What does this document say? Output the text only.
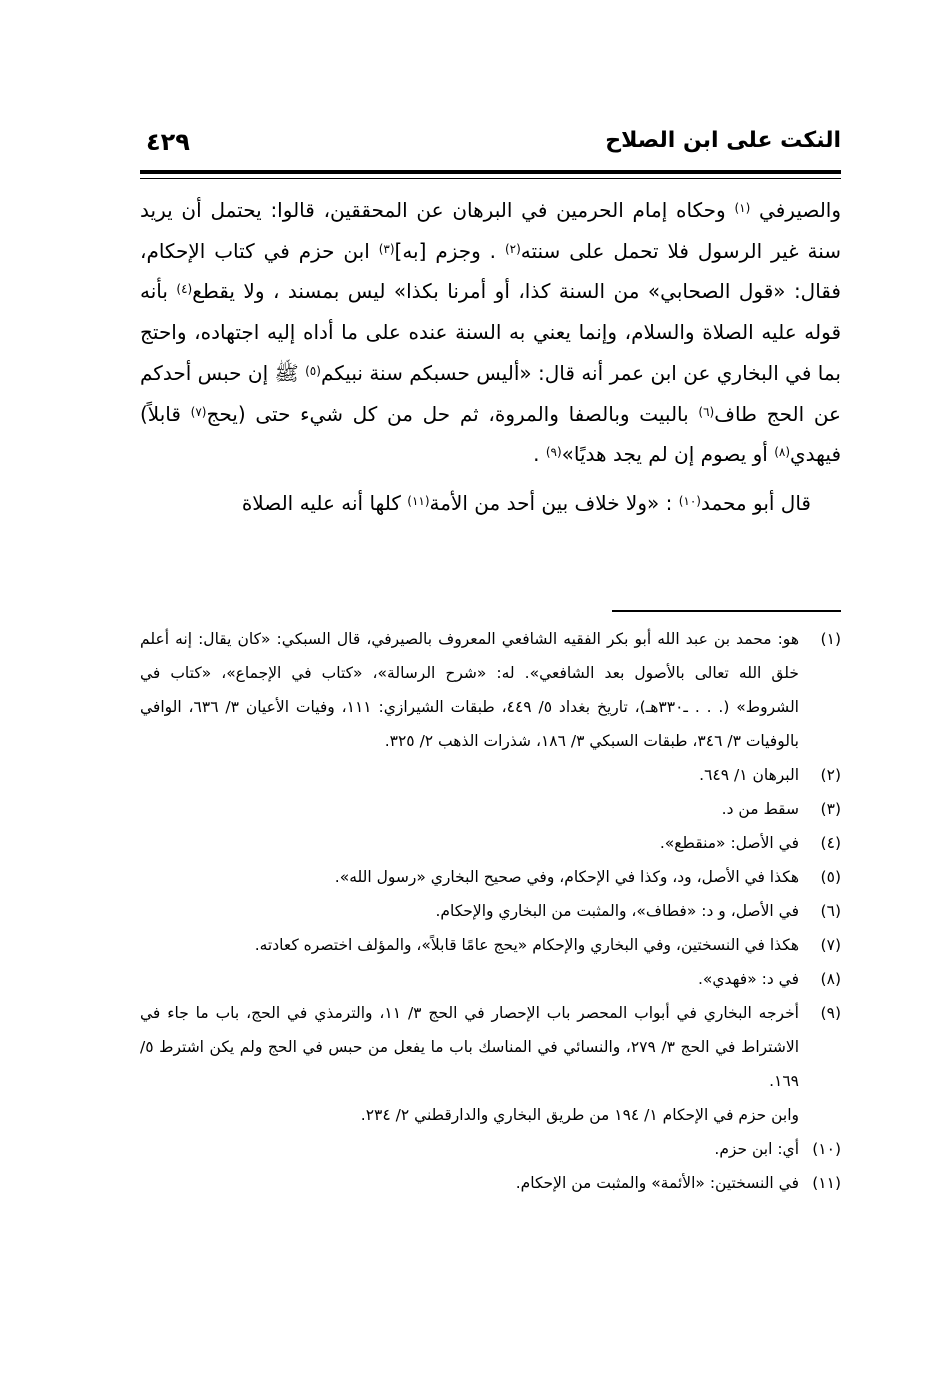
النكت على ابن الصلاح
٤٢٩

والصيرفي $^{(١)}$ وحكاه إمام الحرمين في البرهان عن المحققين، قالوا: يحتمل أن يريد سنة غير الرسول فلا تحمل على سنته$^{(٢)}$ . وجزم [به]$^{(٣)}$ ابن حزم في كتاب الإحكام، فقال: «قول الصحابي» من السنة كذا، أو أمرنا بكذا» ليس بمسند ، ولا يقطع$^{(٤)}$ بأنه قوله عليه الصلاة والسلام، وإنما يعني به السنة عنده على ما أداه إليه اجتهاده، واحتج بما في البخاري عن ابن عمر أنه قال: «أليس حسبكم سنة نبيكم$^{(٥)}$ ﷺ إن حبس أحدكم عن الحج طاف$^{(٦)}$ بالبيت وبالصفا والمروة، ثم حل من كل شيء حتى (يحج$^{(٧)}$ قابلاً) فيهدي$^{(٨)}$ أو يصوم إن لم يجد هديًا»$^{(٩)}$ .

قال أبو محمد$^{(١٠)}$ : «ولا خلاف بين أحد من الأمة$^{(١١)}$ كلها أنه عليه الصلاة

(١)
هو: محمد بن عبد الله أبو بكر الفقيه الشافعي المعروف بالصيرفي، قال السبكي: «كان يقال: إنه أعلم خلق الله تعالى بالأصول بعد الشافعي». له: «شرح الرسالة»، «كتاب في الإجماع»، «كتاب في الشروط» (. . . ـ٣٣٠هـ)، تاريخ بغداد ٥/ ٤٤٩، طبقات الشيرازي: ١١١، وفيات الأعيان ٣/ ٦٣٦، الوافي بالوفيات ٣/ ٣٤٦، طبقات السبكي ٣/ ١٨٦، شذرات الذهب ٢/ ٣٢٥.
(٢)
البرهان ١/ ٦٤٩.
(٣)
سقط من د.
(٤)
في الأصل: «منقطع».
(٥)
هكذا في الأصل، ود، وكذا في الإحكام، وفي صحيح البخاري «رسول الله».
(٦)
في الأصل، و د: «فطاف»، والمثبت من البخاري والإحكام.
(٧)
هكذا في النسختين، وفي البخاري والإحكام «يحج عامًا قابلاً»، والمؤلف اختصره كعادته.
(٨)
في د: «فهدي».
(٩)
أخرجه البخاري في أبواب المحصر باب الإحصار في الحج ٣/ ١١، والترمذي في الحج، باب ما جاء في الاشتراط في الحج ٣/ ٢٧٩، والنسائي في المناسك باب ما يفعل من حبس في الحج ولم يكن اشترط ٥/ ١٦٩.
وابن حزم في الإحكام ١/ ١٩٤ من طريق البخاري والدارقطني ٢/ ٢٣٤.
(١٠)
أي: ابن حزم.
(١١)
في النسختين: «الأئمة» والمثبت من الإحكام.
